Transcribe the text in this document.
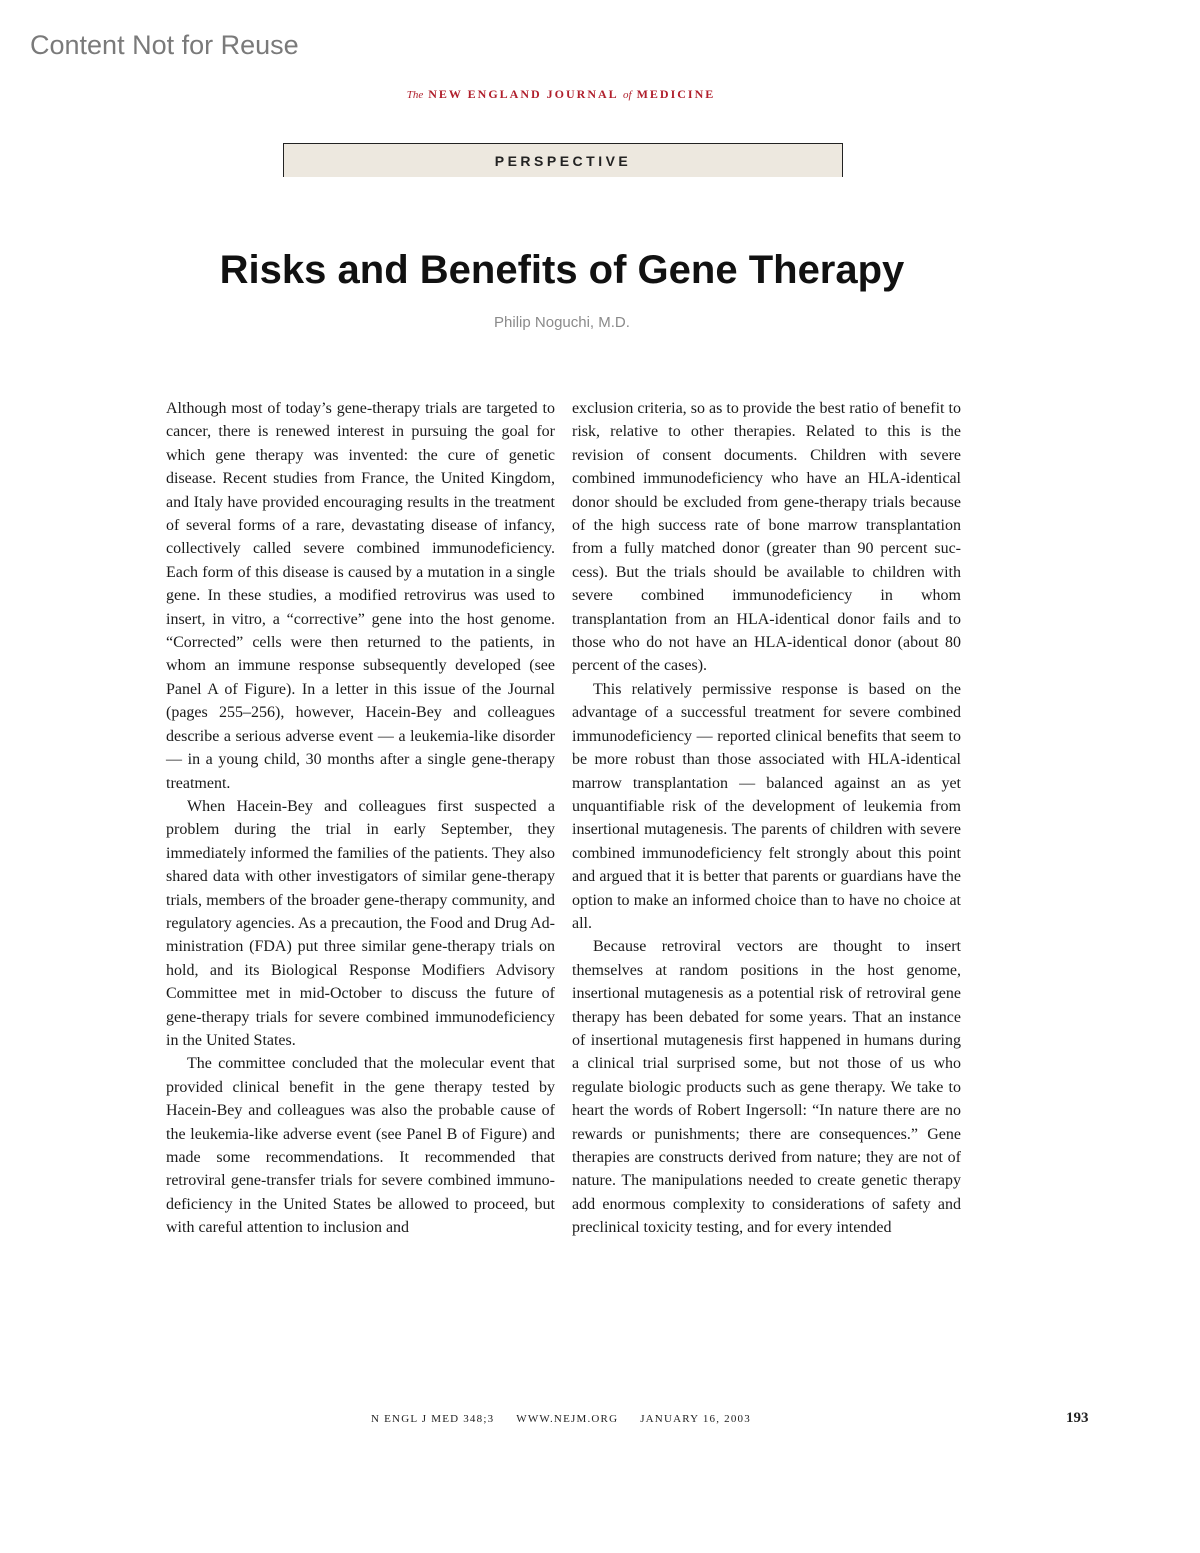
Content Not for Reuse
The NEW ENGLAND JOURNAL of MEDICINE
PERSPECTIVE
Risks and Benefits of Gene Therapy
Philip Noguchi, M.D.

Although most of today’s gene-therapy trials are targeted to cancer, there is renewed interest in pursuing the goal for which gene therapy was invented: the cure of genetic disease. Recent studies from France, the United Kingdom, and Italy have provided encouraging results in the treatment of several forms of a rare, devastating disease of infancy, collectively called severe combined immunodeficiency. Each form of this disease is caused by a mutation in a single gene. In these studies, a modified retrovirus was used to insert, in vitro, a “corrective” gene into the host genome. “Corrected” cells were then returned to the patients, in whom an immune response subsequently developed (see Panel A of Figure). In a letter in this issue of the Journal (pages 255–256), however, Hacein-Bey and colleagues describe a serious adverse event — a leukemia-like disorder — in a young child, 30 months after a single gene-therapy treatment.

When Hacein-Bey and colleagues first suspected a problem during the trial in early September, they immediately informed the families of the patients. They also shared data with other investigators of similar gene-therapy trials, members of the broader gene-therapy community, and regulatory agencies. As a precaution, the Food and Drug Administration (FDA) put three similar gene-therapy trials on hold, and its Biological Response Modifiers Advisory Committee met in mid-October to discuss the future of gene-therapy trials for severe combined immunodeficiency in the United States.

The committee concluded that the molecular event that provided clinical benefit in the gene therapy tested by Hacein-Bey and colleagues was also the probable cause of the leukemia-like adverse event (see Panel B of Figure) and made some recommendations. It recommended that retroviral gene-transfer trials for severe combined immunodeficiency in the United States be allowed to proceed, but with careful attention to inclusion and

exclusion criteria, so as to provide the best ratio of benefit to risk, relative to other therapies. Related to this is the revision of consent documents. Children with severe combined immunodeficiency who have an HLA-identical donor should be excluded from gene-therapy trials because of the high success rate of bone marrow transplantation from a fully matched donor (greater than 90 percent success). But the trials should be available to children with severe combined immunodeficiency in whom transplantation from an HLA-identical donor fails and to those who do not have an HLA-identical donor (about 80 percent of the cases).

This relatively permissive response is based on the advantage of a successful treatment for severe combined immunodeficiency — reported clinical benefits that seem to be more robust than those associated with HLA-identical marrow transplantation — balanced against an as yet unquantifiable risk of the development of leukemia from insertional mutagenesis. The parents of children with severe combined immunodeficiency felt strongly about this point and argued that it is better that parents or guardians have the option to make an informed choice than to have no choice at all.

Because retroviral vectors are thought to insert themselves at random positions in the host genome, insertional mutagenesis as a potential risk of retroviral gene therapy has been debated for some years. That an instance of insertional mutagenesis first happened in humans during a clinical trial surprised some, but not those of us who regulate biologic products such as gene therapy. We take to heart the words of Robert Ingersoll: “In nature there are no rewards or punishments; there are consequences.” Gene therapies are constructs derived from nature; they are not of nature. The manipulations needed to create genetic therapy add enormous complexity to considerations of safety and preclinical toxicity testing, and for every intended

N ENGL J MED 348;3 WWW.NEJM.ORG JANUARY 16, 2003	193
